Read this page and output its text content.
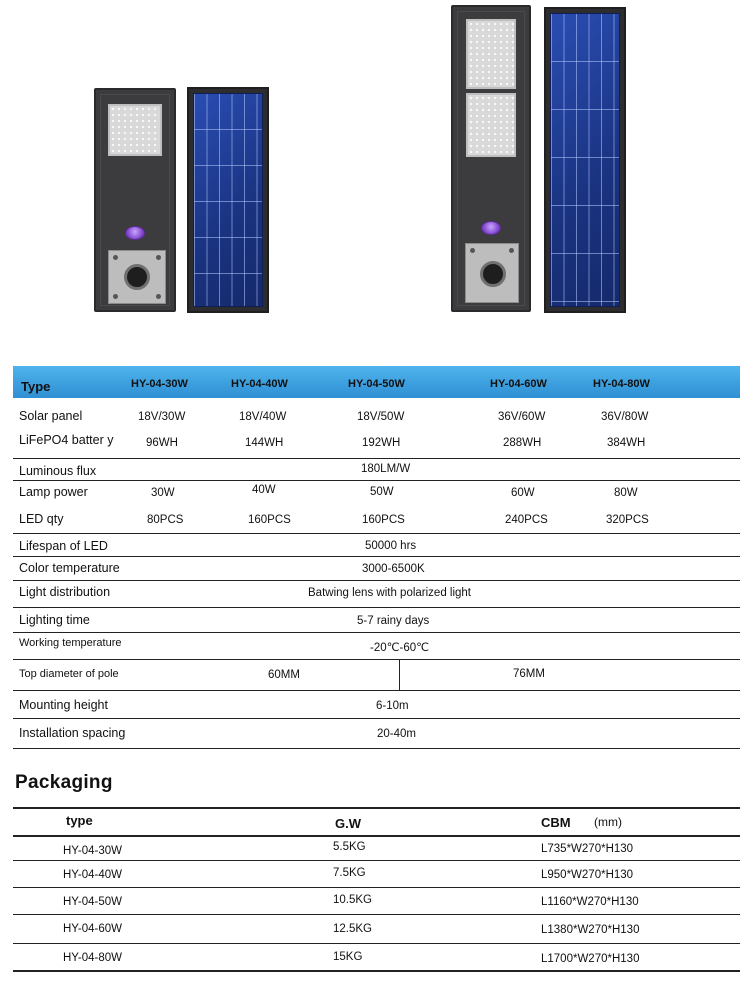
Type	HY-04-30W	HY-04-40W	HY-04-50W	HY-04-60W	HY-04-80W
Solar panel	18V/30W	18V/40W	18V/50W	36V/60W	36V/80W
LiFePO4 batter y	96WH	144WH	192WH	288WH	384WH
Luminous flux	180LM/W
Lamp power	30W	40W	50W	60W	80W
LED qty	80PCS	160PCS	160PCS	240PCS	320PCS
Lifespan of LED	50000 hrs
Color temperature	3000-6500K
Light distribution	Batwing lens with polarized light
Lighting time	5-7 rainy days
Working temperature	-20℃-60℃
Top diameter of pole	60MM	76MM
Mounting height	6-10m
Installation spacing	20-40m
Packaging
type	G.W	CBM (mm)
HY-04-30W	5.5KG	L735*W270*H130
HY-04-40W	7.5KG	L950*W270*H130
HY-04-50W	10.5KG	L1160*W270*H130
HY-04-60W	12.5KG	L1380*W270*H130
HY-04-80W	15KG	L1700*W270*H130
